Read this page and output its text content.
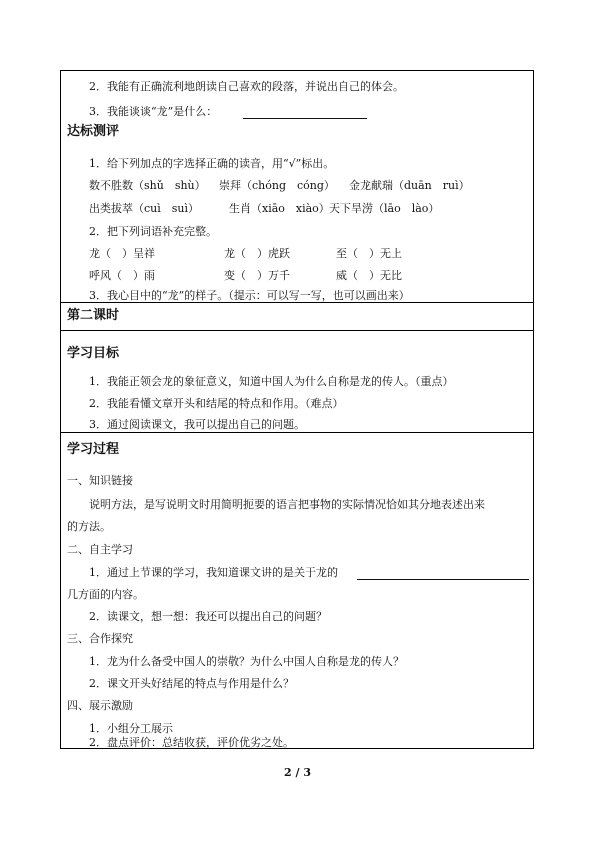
2．我能有正确流利地朗读自己喜欢的段落，并说出自己的体会。
3．我能谈谈“龙”是什么：
达标测评
1．给下列加点的字选择正确的读音，用“√”标出。
数不胜数（shǔ　shù） 崇拜（chóng　cóng） 金龙献瑞（duān　ruì）
出类拔萃（cuì　suì）	生肖（xiāo　xiào） 天下旱涝（lāo　lào）
2．把下列词语补充完整。
龙（　）呈祥	龙（　）虎跃	至（　）无上
呼风（　）雨	变（　）万千	威（　）无比
3．我心目中的“龙”的样子。（提示：可以写一写，也可以画出来）
第二课时
学习目标
1．我能正领会龙的象征意义，知道中国人为什么自称是龙的传人。（重点）
2．我能看懂文章开头和结尾的特点和作用。（难点）
3．通过阅读课文，我可以提出自己的问题。
学习过程
一、知识链接
说明方法，是写说明文时用简明扼要的语言把事物的实际情况恰如其分地表述出来
的方法。
二、自主学习
1．通过上节课的学习，我知道课文讲的是关于龙的
几方面的内容。
2．读课文，想一想：我还可以提出自己的问题？
三、合作探究
1．龙为什么备受中国人的崇敬？为什么中国人自称是龙的传人？
2．课文开头好结尾的特点与作用是什么？
四、展示激励
1．小组分工展示
2．盘点评价：总结收获，评价优劣之处。
2 / 3
